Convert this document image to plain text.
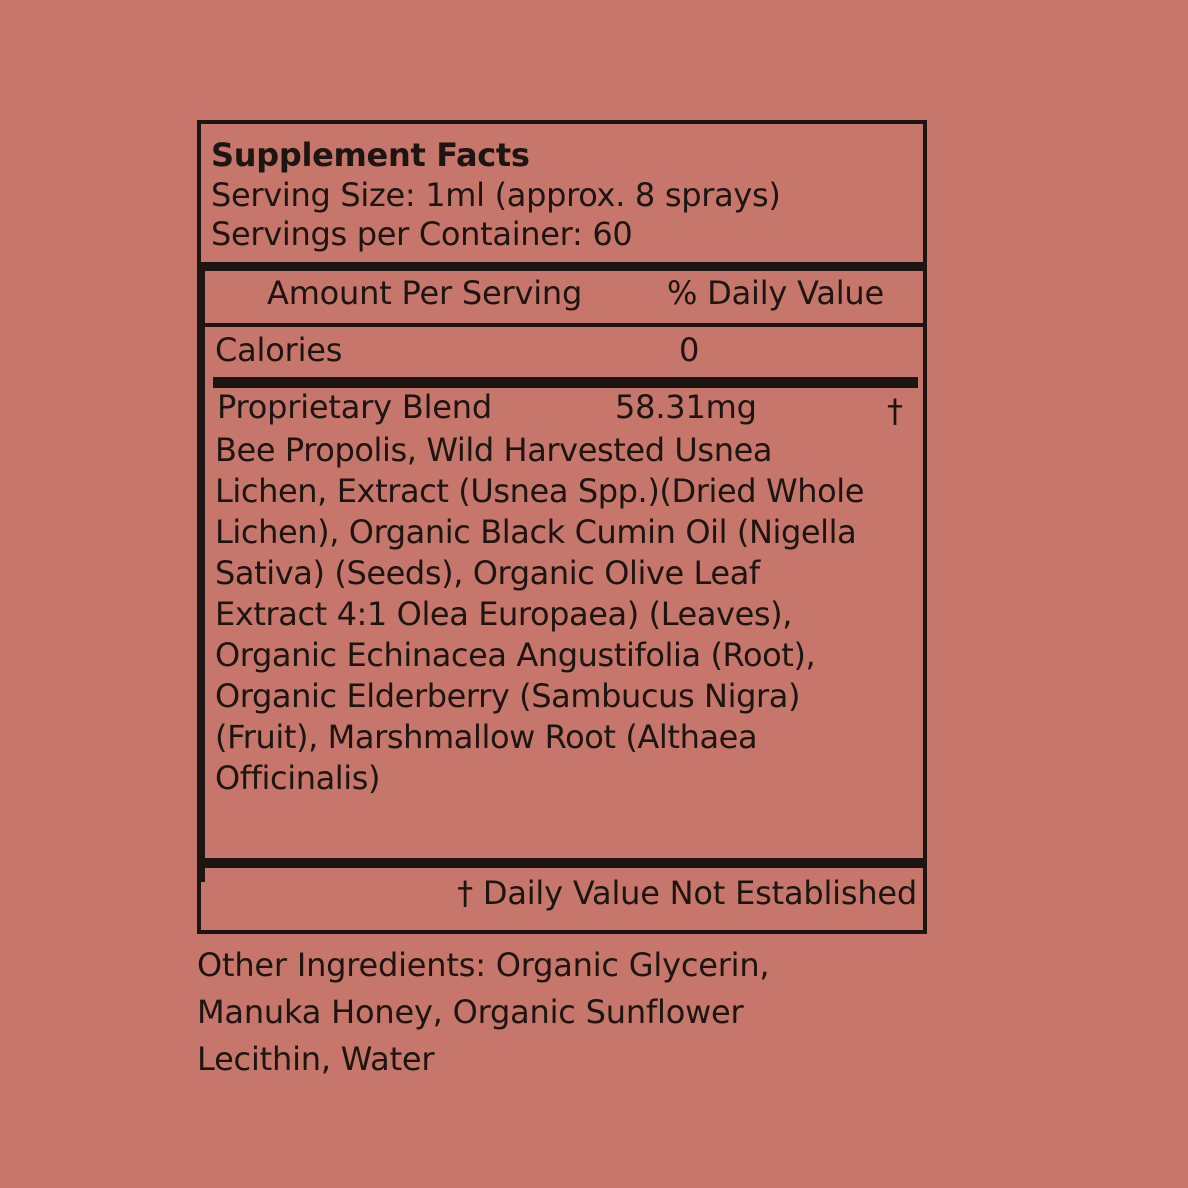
Supplement Facts
Serving Size: 1ml (approx. 8 sprays)
Servings per Container: 60
Amount Per Serving	% Daily Value
Calories	0
Proprietary Blend	58.31mg	†
Bee Propolis, Wild Harvested Usnea Lichen, Extract (Usnea Spp.)(Dried Whole Lichen), Organic Black Cumin Oil (Nigella Sativa) (Seeds), Organic Olive Leaf Extract 4:1 Olea Europaea) (Leaves), Organic Echinacea Angustifolia (Root), Organic Elderberry (Sambucus Nigra) (Fruit), Marshmallow Root (Althaea Officinalis)
† Daily Value Not Established
Other Ingredients: Organic Glycerin, Manuka Honey, Organic Sunflower Lecithin, Water
